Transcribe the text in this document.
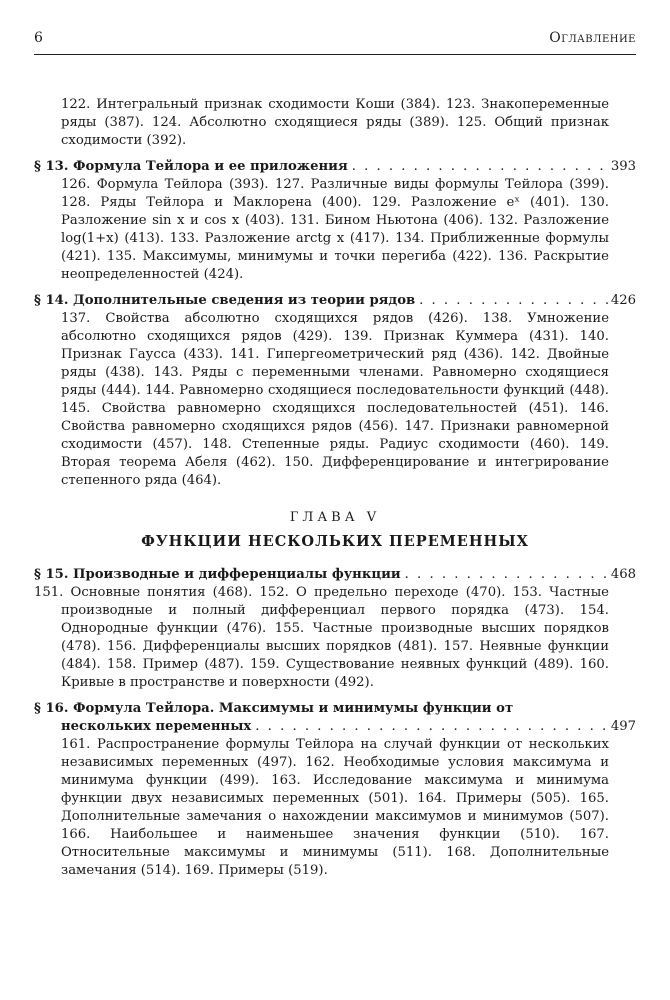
6	Оглавление
122. Интегральный признак сходимости Коши (384). 123. Знакопеременные ряды (387). 124. Абсолютно сходящиеся ряды (389). 125. Общий признак сходимости (392).
393
§ 13. Формула Тейлора и ее приложения
. . .
126. Формула Тейлора (393). 127. Различные виды формулы Тейлора (399). 128. Ряды Тейлора и Маклорена (400). 129. Разложение eˣ (401). 130. Разложение sin x и cos x (403). 131. Бином Ньютона (406). 132. Разложение log(1+x) (413). 133. Разложение arctg x (417). 134. Приближенные формулы (421). 135. Максимумы, минимумы и точки перегиба (422). 136. Раскрытие неопределенностей (424).
426
§ 14. Дополнительные сведения из теории рядов
. . .
137. Свойства абсолютно сходящихся рядов (426). 138. Умножение абсолютно сходящихся рядов (429). 139. Признак Куммера (431). 140. Признак Гаусса (433). 141. Гипергеометрический ряд (436). 142. Двойные ряды (438). 143. Ряды с переменными членами. Равномерно сходящиеся ряды (444). 144. Равномерно сходящиеся последовательности функций (448). 145. Свойства равномерно сходящихся последовательностей (451). 146. Свойства равномерно сходящихся рядов (456). 147. Признаки равномерной сходимости (457). 148. Степенные ряды. Радиус сходимости (460). 149. Вторая теорема Абеля (462). 150. Дифференцирование и интегрирование степенного ряда (464).
ГЛАВА V
ФУНКЦИИ НЕСКОЛЬКИХ ПЕРЕМЕННЫХ
468
§ 15. Производные и дифференциалы функции
. . .
151. Основные понятия (468). 152. О предельно переходе (470). 153. Частные производные и полный дифференциал первого порядка (473). 154. Однородные функции (476). 155. Частные производные высших порядков (478). 156. Дифференциалы высших порядков (481). 157. Неявные функции (484). 158. Пример (487). 159. Существование неявных функций (489). 160. Кривые в пространстве и поверхности (492).
§ 16. Формула Тейлора. Максимумы и минимумы функции от
497
нескольких переменных
. . .
161. Распространение формулы Тейлора на случай функции от нескольких независимых переменных (497). 162. Необходимые условия максимума и минимума функции (499). 163. Исследование максимума и минимума функции двух независимых переменных (501). 164. Примеры (505). 165. Дополнительные замечания о нахождении максимумов и минимумов (507). 166. Наибольшее и наименьшее значения функции (510). 167. Относительные максимумы и минимумы (511). 168. Дополнительные замечания (514). 169. Примеры (519).
